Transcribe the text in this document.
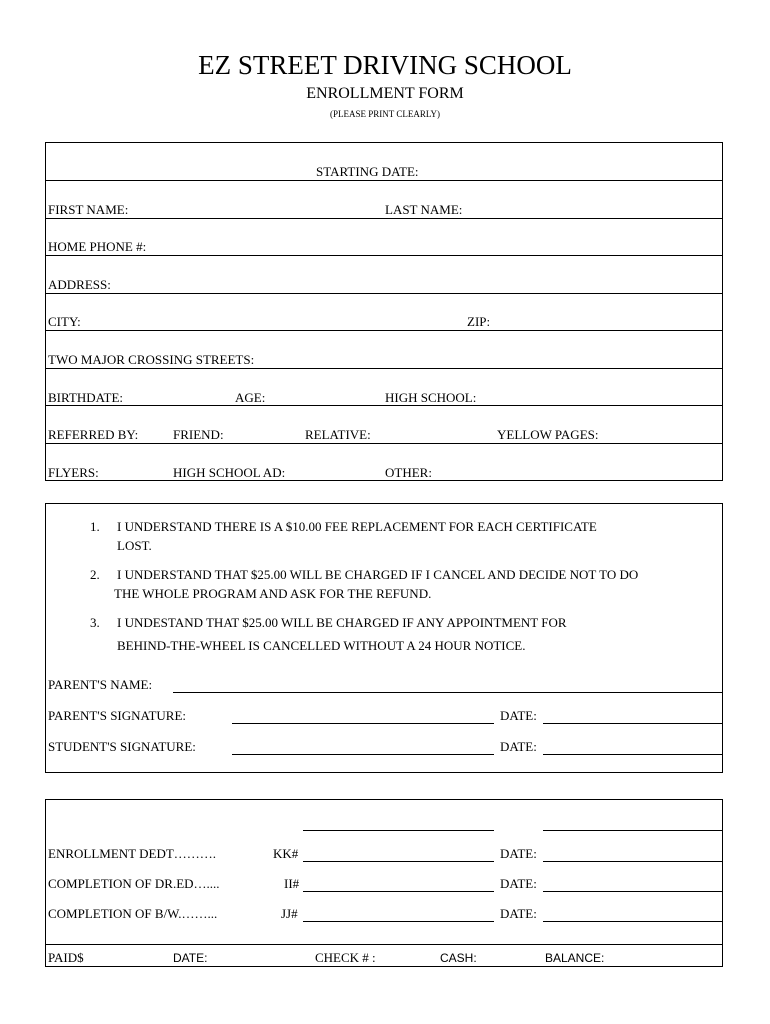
EZ STREET DRIVING SCHOOL
ENROLLMENT FORM
(PLEASE PRINT CLEARLY)
STARTING DATE:
FIRST NAME:	LAST NAME:
HOME PHONE #:
ADDRESS:
CITY:	ZIP:
TWO MAJOR CROSSING STREETS:
BIRTHDATE:	AGE:	HIGH SCHOOL:
REFERRED BY:	FRIEND:	RELATIVE:	YELLOW PAGES:
FLYERS:	HIGH SCHOOL AD:	OTHER:
1. I UNDERSTAND THERE IS A $10.00 FEE REPLACEMENT FOR EACH CERTIFICATE
LOST.
2. I UNDERSTAND THAT $25.00 WILL BE CHARGED IF I CANCEL AND DECIDE NOT TO DO
THE WHOLE PROGRAM AND ASK FOR THE REFUND.
3. I UNDESTAND THAT $25.00 WILL BE CHARGED IF ANY APPOINTMENT FOR
BEHIND-THE-WHEEL IS CANCELLED WITHOUT A 24 HOUR NOTICE.
PARENT'S NAME:
PARENT'S SIGNATURE:	DATE:
STUDENT'S SIGNATURE:	DATE:
ENROLLMENT DEDT……….	KK#	DATE:
COMPLETION OF DR.ED…....	II#	DATE:
COMPLETION OF B/W.……...	JJ#	DATE:
PAID$	DATE:	CHECK # :	CASH:	BALANCE:
